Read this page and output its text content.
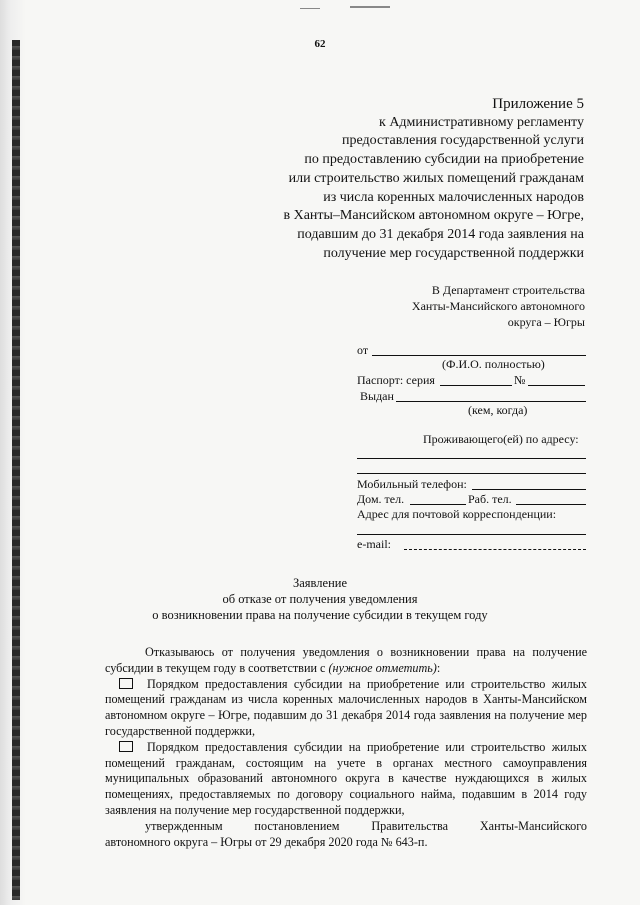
62
Приложение 5
к Административному регламенту
предоставления государственной услуги
по предоставлению субсидии на приобретение
или строительство жилых помещений гражданам
из числа коренных малочисленных народов
в Ханты–Мансийском автономном округе – Югре,
подавшим до 31 декабря 2014 года заявления на
получение мер государственной поддержки
В Департамент строительства
Ханты-Мансийского автономного
округа – Югры
от
(Ф.И.О. полностью)
Паспорт: серия	№
Выдан
(кем, когда)
Проживающего(ей) по адресу:
Мобильный телефон:
Дом. тел.	Раб. тел.
Адрес для почтовой корреспонденции:
e-mail:
Заявление
об отказе от получения уведомления
о возникновении права на получение субсидии в текущем году

Отказываюсь от получения уведомления о возникновении права на получение субсидии в текущем году в соответствии с (нужное отметить):

Порядком предоставления субсидии на приобретение или строительство жилых помещений гражданам из числа коренных малочисленных народов в Ханты-Мансийском автономном округе – Югре, подавшим до 31 декабря 2014 года заявления на получение мер государственной поддержки,

Порядком предоставления субсидии на приобретение или строительство жилых помещений гражданам, состоящим на учете в органах местного самоуправления муниципальных образований автономного округа в качестве нуждающихся в жилых помещениях, предоставляемых по договору социального найма, подавшим в 2014 году заявления на получение мер государственной поддержки,

утвержденным	постановлением	Правительства	Ханты-Мансийского

автономного округа – Югры от 29 декабря 2020 года № 643-п.
